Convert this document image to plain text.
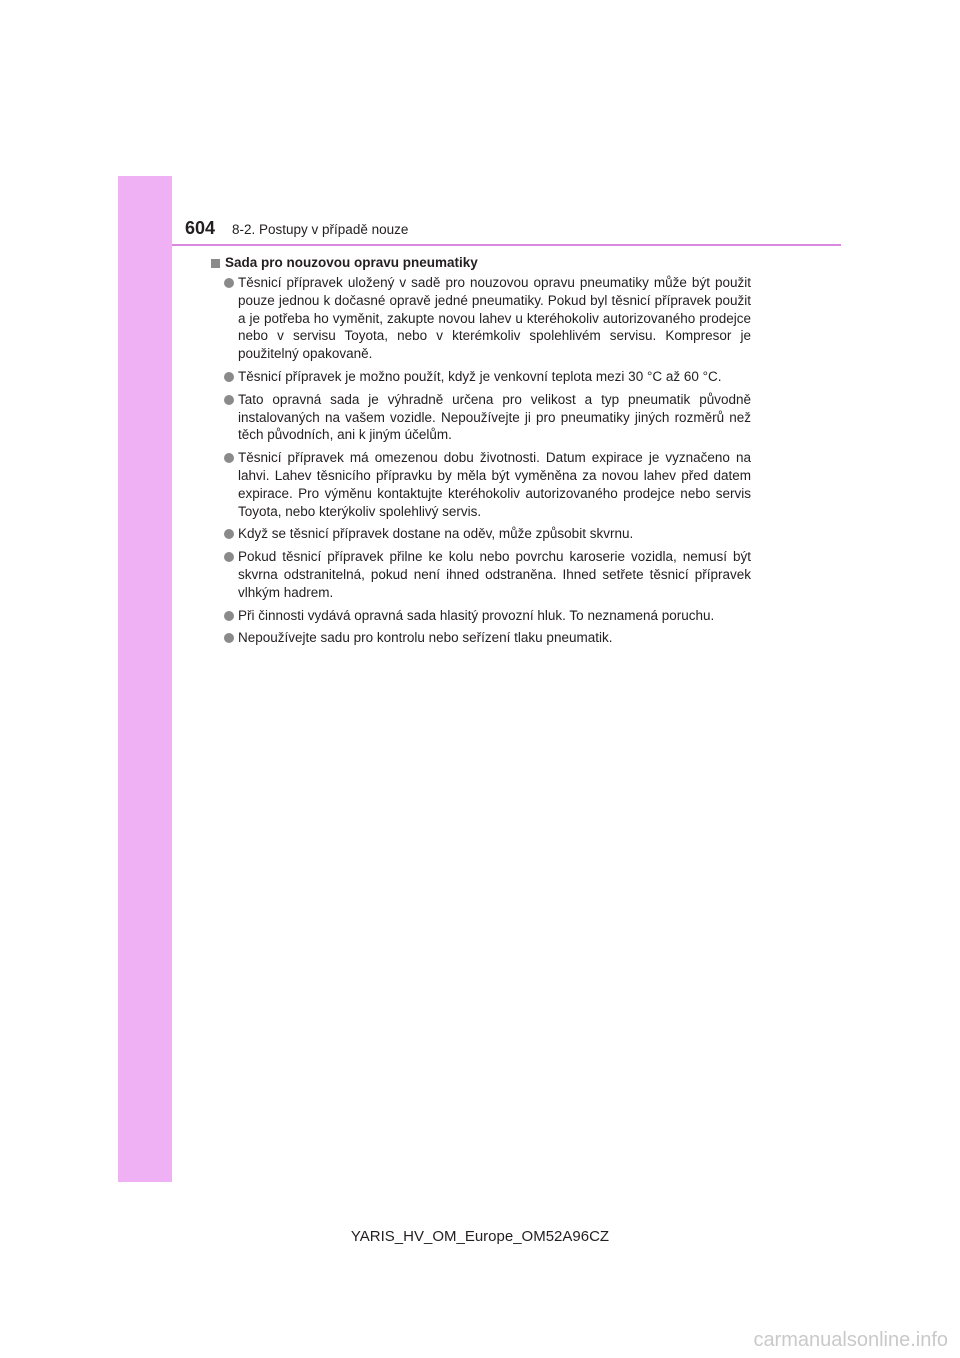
604 8-2. Postupy v případě nouze
Sada pro nouzovou opravu pneumatiky
Těsnicí přípravek uložený v sadě pro nouzovou opravu pneumatiky může být použit pouze jednou k dočasné opravě jedné pneumatiky. Pokud byl těsnicí přípravek použit a je potřeba ho vyměnit, zakupte novou lahev u kteréhokoliv autorizovaného prodejce nebo v servisu Toyota, nebo v kterémkoliv spolehlivém servisu. Kompresor je použitelný opakovaně.
Těsnicí přípravek je možno použít, když je venkovní teplota mezi 30 °C až 60 °C.
Tato opravná sada je výhradně určena pro velikost a typ pneumatik původně instalovaných na vašem vozidle. Nepoužívejte ji pro pneumatiky jiných rozměrů než těch původních, ani k jiným účelům.
Těsnicí přípravek má omezenou dobu životnosti. Datum expirace je vyznačeno na lahvi. Lahev těsnicího přípravku by měla být vyměněna za novou lahev před datem expirace. Pro výměnu kontaktujte kteréhokoliv autorizovaného prodejce nebo servis Toyota, nebo kterýkoliv spolehlivý servis.
Když se těsnicí přípravek dostane na oděv, může způsobit skvrnu.
Pokud těsnicí přípravek přilne ke kolu nebo povrchu karoserie vozidla, nemusí být skvrna odstranitelná, pokud není ihned odstraněna. Ihned setřete těsnicí přípravek vlhkým hadrem.
Při činnosti vydává opravná sada hlasitý provozní hluk. To neznamená poruchu.
Nepoužívejte sadu pro kontrolu nebo seřízení tlaku pneumatik.
YARIS_HV_OM_Europe_OM52A96CZ
carmanualsonline.info
